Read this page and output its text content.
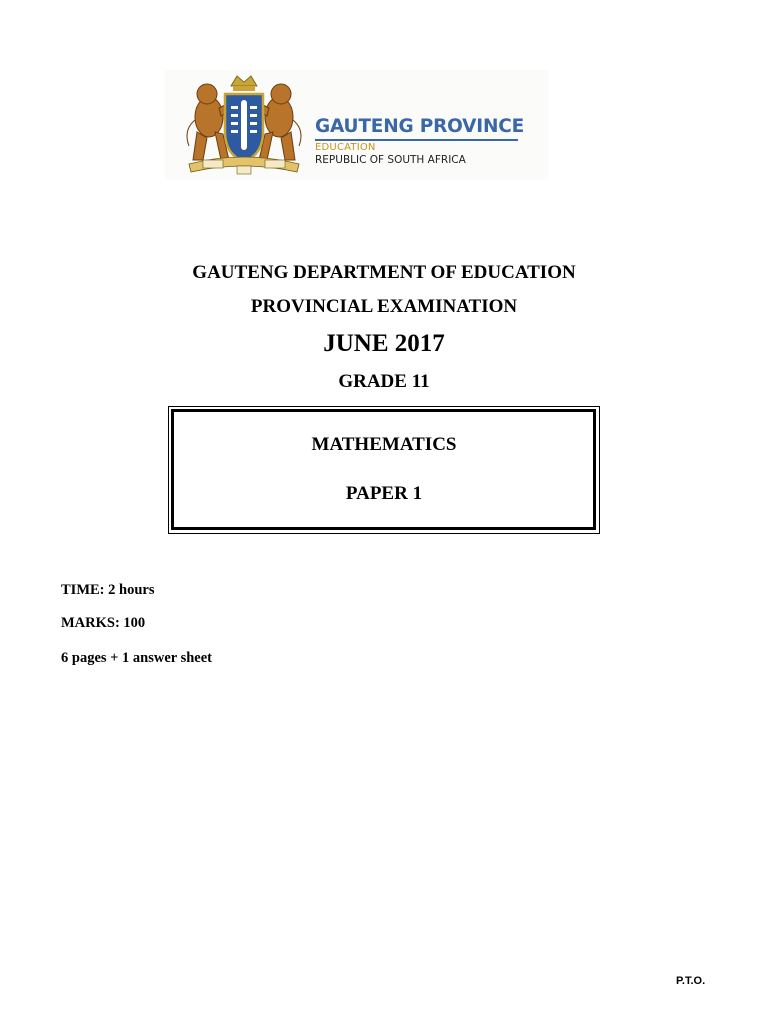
GAUTENG PROVINCE
EDUCATION
REPUBLIC OF SOUTH AFRICA
GAUTENG DEPARTMENT OF EDUCATION
PROVINCIAL EXAMINATION
JUNE 2017
GRADE 11
MATHEMATICS
PAPER 1
TIME: 2 hours
MARKS: 100
6 pages + 1 answer sheet
P.T.O.
